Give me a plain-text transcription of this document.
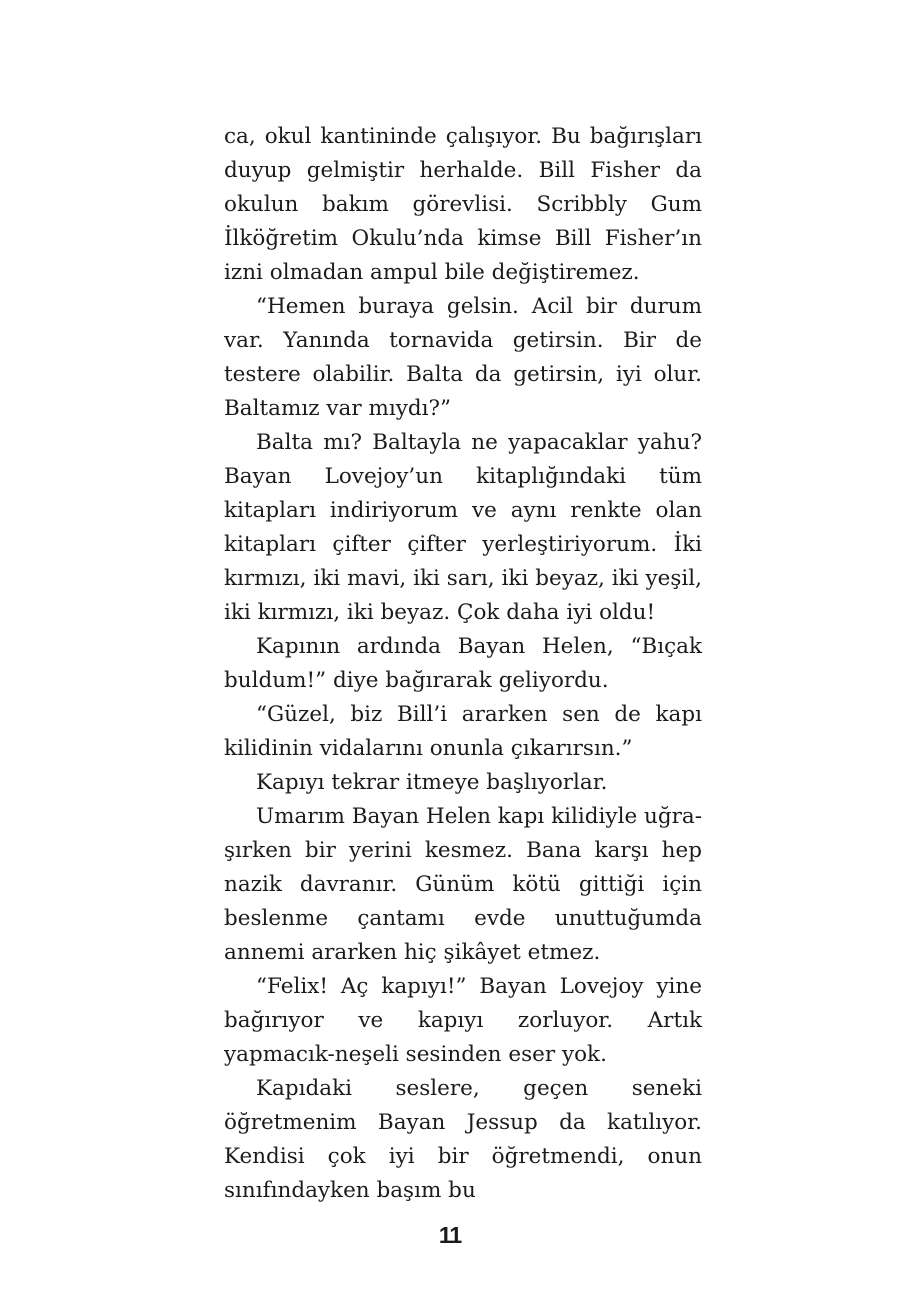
ca, okul kantininde çalışıyor. Bu bağırışları duyup gelmiştir herhalde. Bill Fisher da okulun bakım görevlisi. Scribbly Gum İlköğretim Okulu’nda kimse Bill Fisher’ın izni olmadan ampul bile değiştiremez.

“Hemen buraya gelsin. Acil bir durum var. Yanında tornavida getirsin. Bir de testere olabilir. Balta da getirsin, iyi olur. Baltamız var mıydı?”

Balta mı? Baltayla ne yapacaklar yahu? Bayan Lovejoy’un kitaplığındaki tüm kitapları indiriyorum ve aynı renkte olan kitapları çifter çifter yerleştiriyorum. İki kırmızı, iki mavi, iki sarı, iki beyaz, iki yeşil, iki kırmızı, iki beyaz. Çok daha iyi oldu!

Kapının ardında Bayan Helen, “Bıçak buldum!” diye bağırarak geliyordu.

“Güzel, biz Bill’i ararken sen de kapı kilidinin vidalarını onunla çıkarırsın.”

Kapıyı tekrar itmeye başlıyorlar.

Umarım Bayan Helen kapı kilidiyle uğraşırken bir yerini kesmez. Bana karşı hep nazik davranır. Günüm kötü gittiği için beslenme çantamı evde unuttuğumda annemi ararken hiç şikâyet etmez.

“Felix! Aç kapıyı!” Bayan Lovejoy yine bağırıyor ve kapıyı zorluyor. Artık yapmacık-neşeli sesinden eser yok.

Kapıdaki seslere, geçen seneki öğretmenim Bayan Jessup da katılıyor. Kendisi çok iyi bir öğretmendi, onun sınıfındayken başım bu

11
